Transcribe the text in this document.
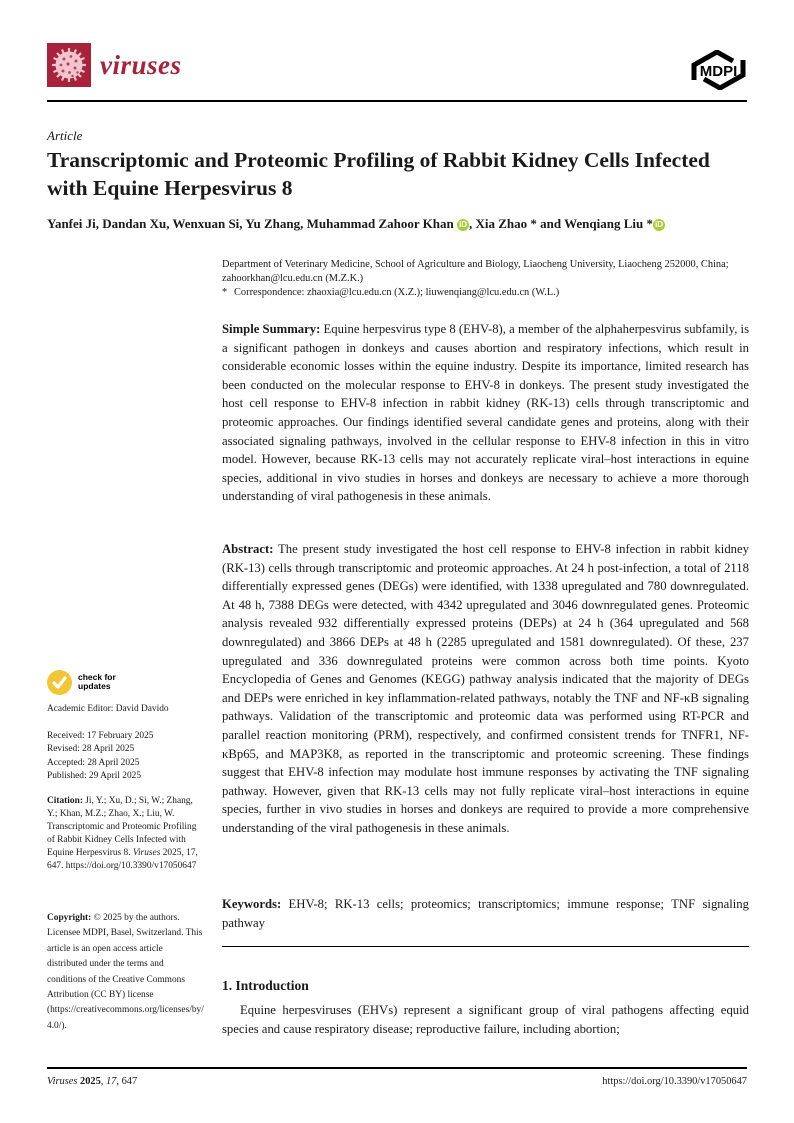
viruses	MDPI
Article
Transcriptomic and Proteomic Profiling of Rabbit Kidney Cells Infected with Equine Herpesvirus 8
Yanfei Ji, Dandan Xu, Wenxuan Si, Yu Zhang, Muhammad Zahoor Khan iD , Xia Zhao * and Wenqiang Liu * iD
Department of Veterinary Medicine, School of Agriculture and Biology, Liaocheng University, Liaocheng 252000, China; zahoorkhan@lcu.edu.cn (M.Z.K.)
* Correspondence: zhaoxia@lcu.edu.cn (X.Z.); liuwenqiang@lcu.edu.cn (W.L.)
Simple Summary: Equine herpesvirus type 8 (EHV-8), a member of the alphaherpesvirus subfamily, is a significant pathogen in donkeys and causes abortion and respiratory infections, which result in considerable economic losses within the equine industry. Despite its importance, limited research has been conducted on the molecular response to EHV-8 in donkeys. The present study investigated the host cell response to EHV-8 infection in rabbit kidney (RK-13) cells through transcriptomic and proteomic approaches. Our findings identified several candidate genes and proteins, along with their associated signaling pathways, involved in the cellular response to EHV-8 infection in this in vitro model. However, because RK-13 cells may not accurately replicate viral–host interactions in equine species, additional in vivo studies in horses and donkeys are necessary to achieve a more thorough understanding of viral pathogenesis in these animals.
Abstract: The present study investigated the host cell response to EHV-8 infection in rabbit kidney (RK-13) cells through transcriptomic and proteomic approaches. At 24 h post-infection, a total of 2118 differentially expressed genes (DEGs) were identified, with 1338 upregulated and 780 downregulated. At 48 h, 7388 DEGs were detected, with 4342 upregulated and 3046 downregulated genes. Proteomic analysis revealed 932 differentially expressed proteins (DEPs) at 24 h (364 upregulated and 568 downregulated) and 3866 DEPs at 48 h (2285 upregulated and 1581 downregulated). Of these, 237 upregulated and 336 downregulated proteins were common across both time points. Kyoto Encyclopedia of Genes and Genomes (KEGG) pathway analysis indicated that the majority of DEGs and DEPs were enriched in key inflammation-related pathways, notably the TNF and NF-κB signaling pathways. Validation of the transcriptomic and proteomic data was performed using RT-PCR and parallel reaction monitoring (PRM), respectively, and confirmed consistent trends for TNFR1, NF-κBp65, and MAP3K8, as reported in the transcriptomic and proteomic screening. These findings suggest that EHV-8 infection may modulate host immune responses by activating the TNF signaling pathway. However, given that RK-13 cells may not fully replicate viral–host interactions in equine species, further in vivo studies in horses and donkeys are required to provide a more comprehensive understanding of the viral pathogenesis in these animals.
Keywords: EHV-8; RK-13 cells; proteomics; transcriptomics; immune response; TNF signaling pathway
check for
updates
Academic Editor: David Davido
Received: 17 February 2025
Revised: 28 April 2025
Accepted: 28 April 2025
Published: 29 April 2025
Citation: Ji, Y.; Xu, D.; Si, W.; Zhang, Y.; Khan, M.Z.; Zhao, X.; Liu, W. Transcriptomic and Proteomic Profiling of Rabbit Kidney Cells Infected with Equine Herpesvirus 8. Viruses 2025, 17, 647. https://doi.org/10.3390/v17050647
Copyright: © 2025 by the authors. Licensee MDPI, Basel, Switzerland. This article is an open access article distributed under the terms and conditions of the Creative Commons Attribution (CC BY) license (https://creativecommons.org/licenses/by/4.0/).
1. Introduction
Equine herpesviruses (EHVs) represent a significant group of viral pathogens affecting equid species and cause respiratory disease; reproductive failure, including abortion;
Viruses 2025, 17, 647	https://doi.org/10.3390/v17050647
